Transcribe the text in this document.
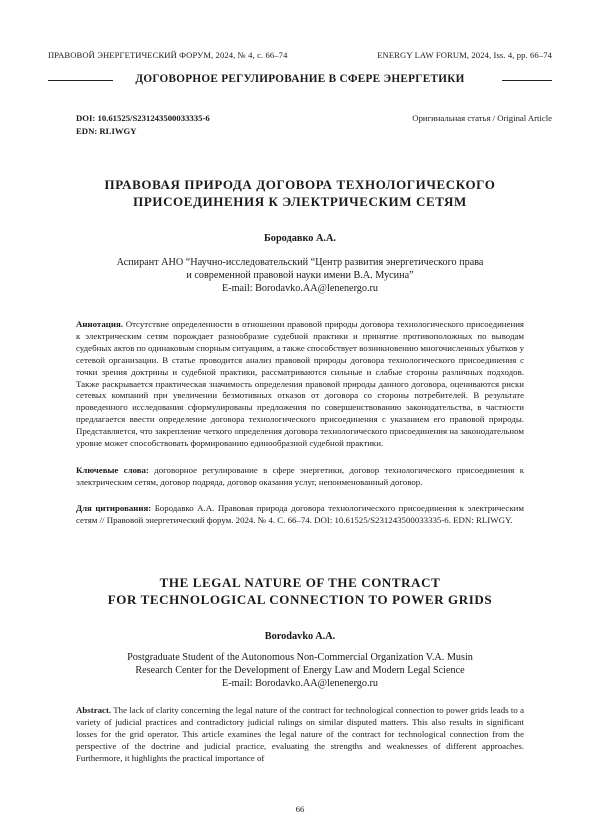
ПРАВОВОЙ ЭНЕРГЕТИЧЕСКИЙ ФОРУМ, 2024, № 4, с. 66–74	ENERGY LAW FORUM, 2024, Iss. 4, pp. 66–74
ДОГОВОРНОЕ РЕГУЛИРОВАНИЕ В СФЕРЕ ЭНЕРГЕТИКИ
DOI: 10.61525/S231243500033335-6
EDN: RLIWGY
Оригинальная статья / Original Article
ПРАВОВАЯ ПРИРОДА ДОГОВОРА ТЕХНОЛОГИЧЕСКОГО
ПРИСОЕДИНЕНИЯ К ЭЛЕКТРИЧЕСКИМ СЕТЯМ
Бородавко А.А.
Аспирант АНО “Научно-исследовательский “Центр развития энергетического права
и современной правовой науки имени В.А. Мусина”
E-mail: Borodavko.AA@lenenergo.ru
Аннотация. Отсутствие определенности в отношении правовой природы договора технологического присоединения к электрическим сетям порождает разнообразие судебной практики и принятие противоположных по выводам судебных актов по одинаковым спорным ситуациям, а также способствует возникновению многочисленных убытков у сетевой организации. В статье проводится анализ правовой природы договора технологического присоединения с точки зрения доктрины и судебной практики, рассматриваются сильные и слабые стороны различных подходов. Также раскрывается практическая значимость определения правовой природы данного договора, оцениваются риски сетевых компаний при увеличении безмотивных отказов от договора со стороны потребителей. В результате проведенного исследования сформулированы предложения по совершенствованию законодательства, в частности предлагается ввести определение договора технологического присоединения с указанием его правовой природы. Представляется, что закрепление четкого определения договора технологического присоединения на законодательном уровне может способствовать формированию единообразной судебной практики.
Ключевые слова: договорное регулирование в сфере энергетики, договор технологического присоединения к электрическим сетям, договор подряда, договор оказания услуг, непоименованный договор.
Для цитирования: Бородавко А.А. Правовая природа договора технологического присоединения к электрическим сетям // Правовой энергетический форум. 2024. № 4. С. 66–74. DOI: 10.61525/S231243500033335-6. EDN: RLIWGY.
THE LEGAL NATURE OF THE CONTRACT
FOR TECHNOLOGICAL CONNECTION TO POWER GRIDS
Borodavko A.A.
Postgraduate Student of the Autonomous Non-Commercial Organization V.A. Musin
Research Center for the Development of Energy Law and Modern Legal Science
E-mail: Borodavko.AA@lenenergo.ru
Abstract. The lack of clarity concerning the legal nature of the contract for technological connection to power grids leads to a variety of judicial practices and contradictory judicial rulings on similar disputed matters. This also results in significant losses for the grid operator. This article examines the legal nature of the contract for technological connection from the perspective of the doctrine and judicial practice, evaluating the strengths and weaknesses of different approaches. Furthermore, it highlights the practical importance of
66
